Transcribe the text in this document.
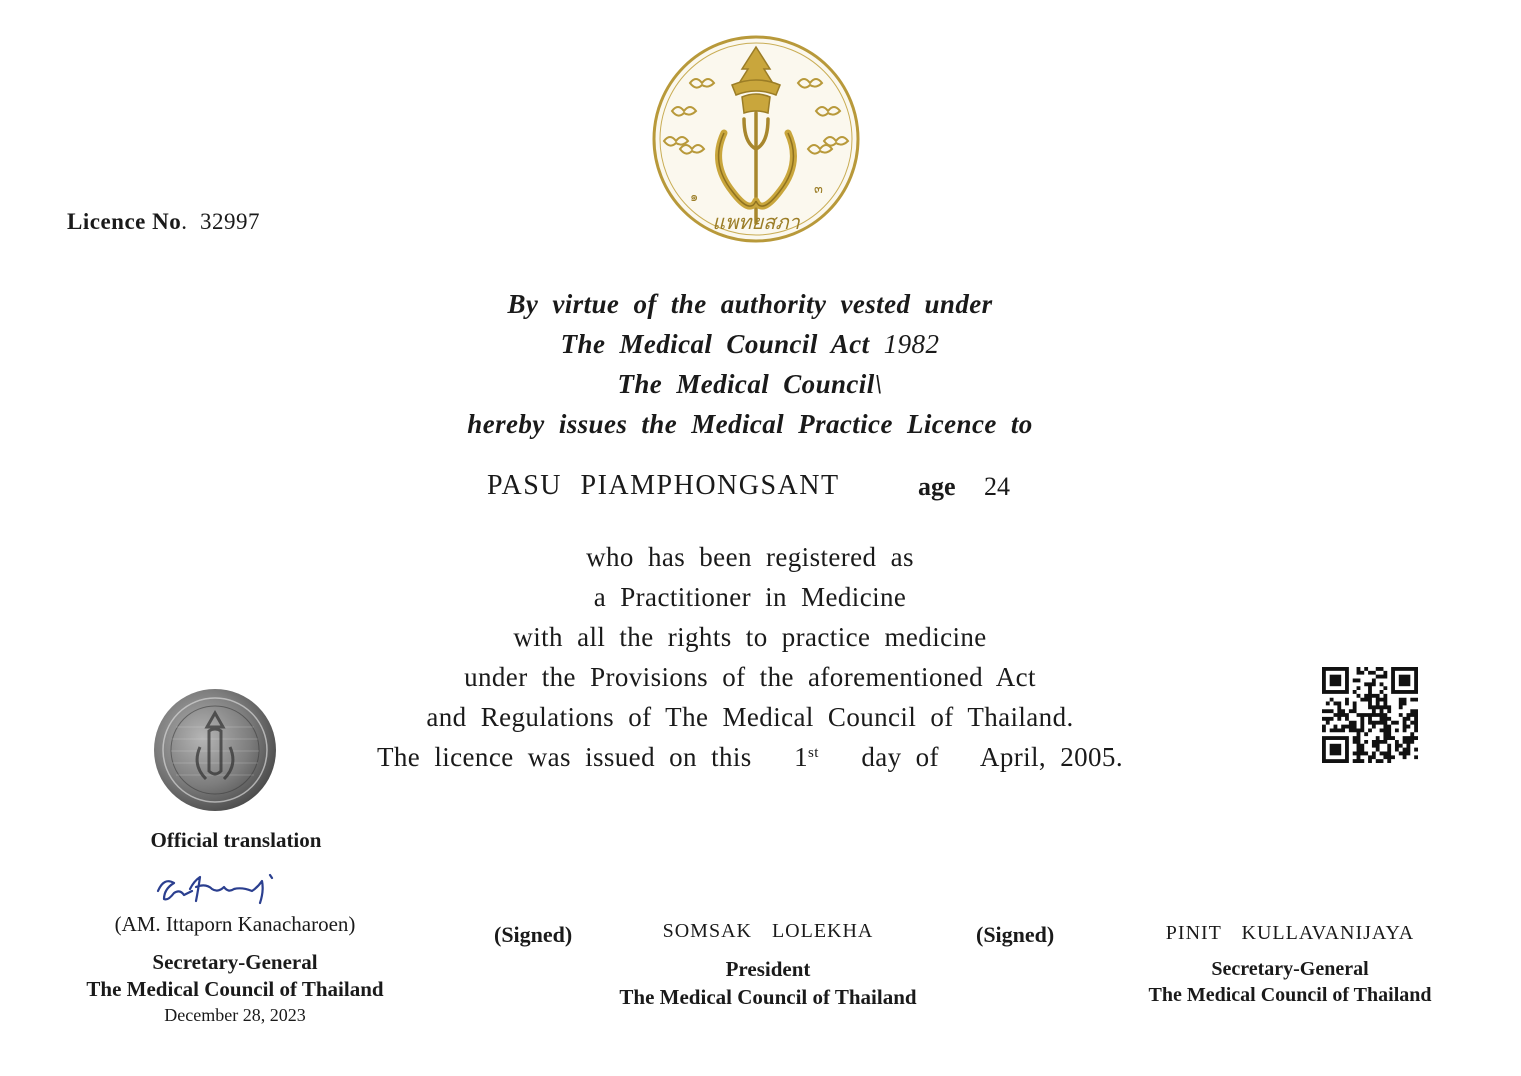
๑
๓
แพทยสภา
Licence No. 32997
By virtue of the authority vested under
The Medical Council Act 1982
The Medical Council\
hereby issues the Medical Practice Licence to
PASU PIAMPHONGSANT	age 24
who has been registered as
a Practitioner in Medicine
with all the rights to practice medicine
under the Provisions of the aforementioned Act
and Regulations of The Medical Council of Thailand.
The licence was issued on this 1st day of April, 2005.
Official translation
(AM. Ittaporn Kanacharoen)
Secretary-General
The Medical Council of Thailand
December 28, 2023
(Signed)	SOMSAK LOLEKHA
President
The Medical Council of Thailand
(Signed)	PINIT KULLAVANIJAYA
Secretary-General
The Medical Council of Thailand
